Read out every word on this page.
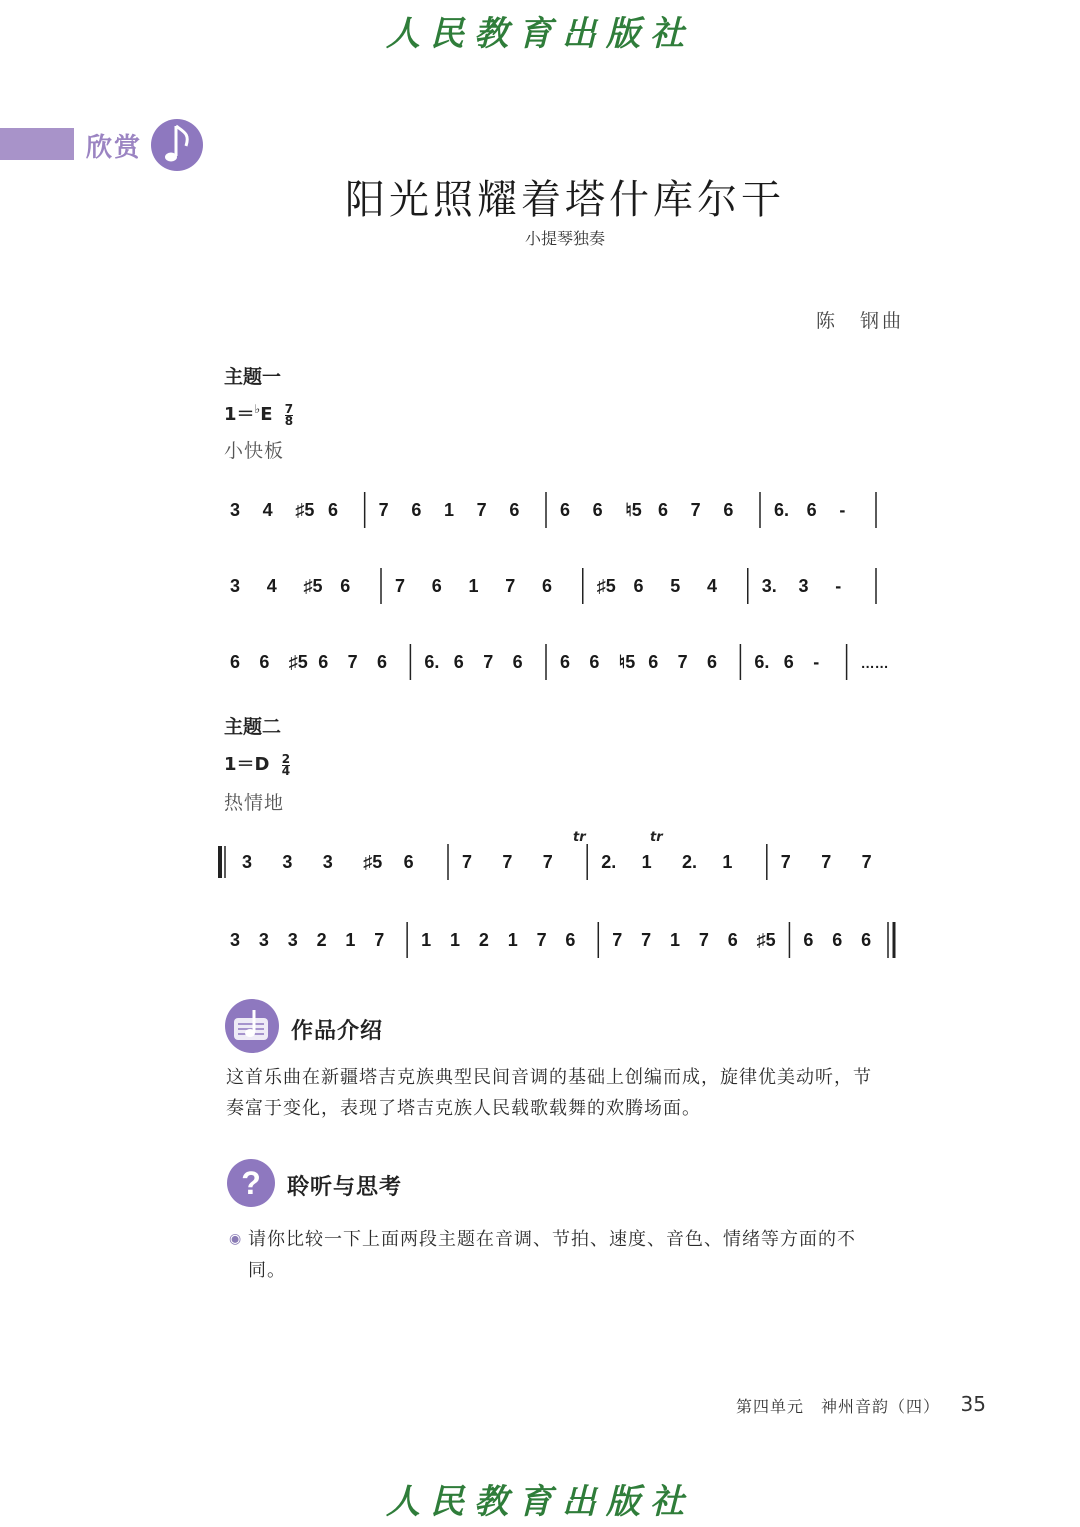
人民教育出版社
欣赏
阳光照耀着塔什库尔干
小提琴独奏
陈　钢曲
主题一
$1=^♭E \frac{7}{8}$
小快板
3 4 ♯5 6 7 6 1 7 6 6 6 ♮5 6 7 6 6. 6 -
3 4 ♯5 6 7 6 1 7 6 ♯5 6 5 4 3. 3 -
6 6 ♯5 6 7 6 6. 6 7 6 6 6 ♮5 6 7 6 6. 6 -	……
主题二
$1=D \frac{2}{4}$
热情地
tr	tr
3 3 3 ♯5 6	7 7 7	2. 1 2. 1	7 7 7
3 3 3 2 1 7 1 1 2 1 7 6 7 7 1 7 6 ♯5 6 6 6
作品介绍

这首乐曲在新疆塔吉克族典型民间音调的基础上创编而成，旋律优美动听，节奏富于变化，表现了塔吉克族人民载歌载舞的欢腾场面。

? 聆听与思考
◉ 请你比较一下上面两段主题在音调、节拍、速度、音色、情绪等方面的不同。

第四单元　神州音韵（四） 35
人民教育出版社
